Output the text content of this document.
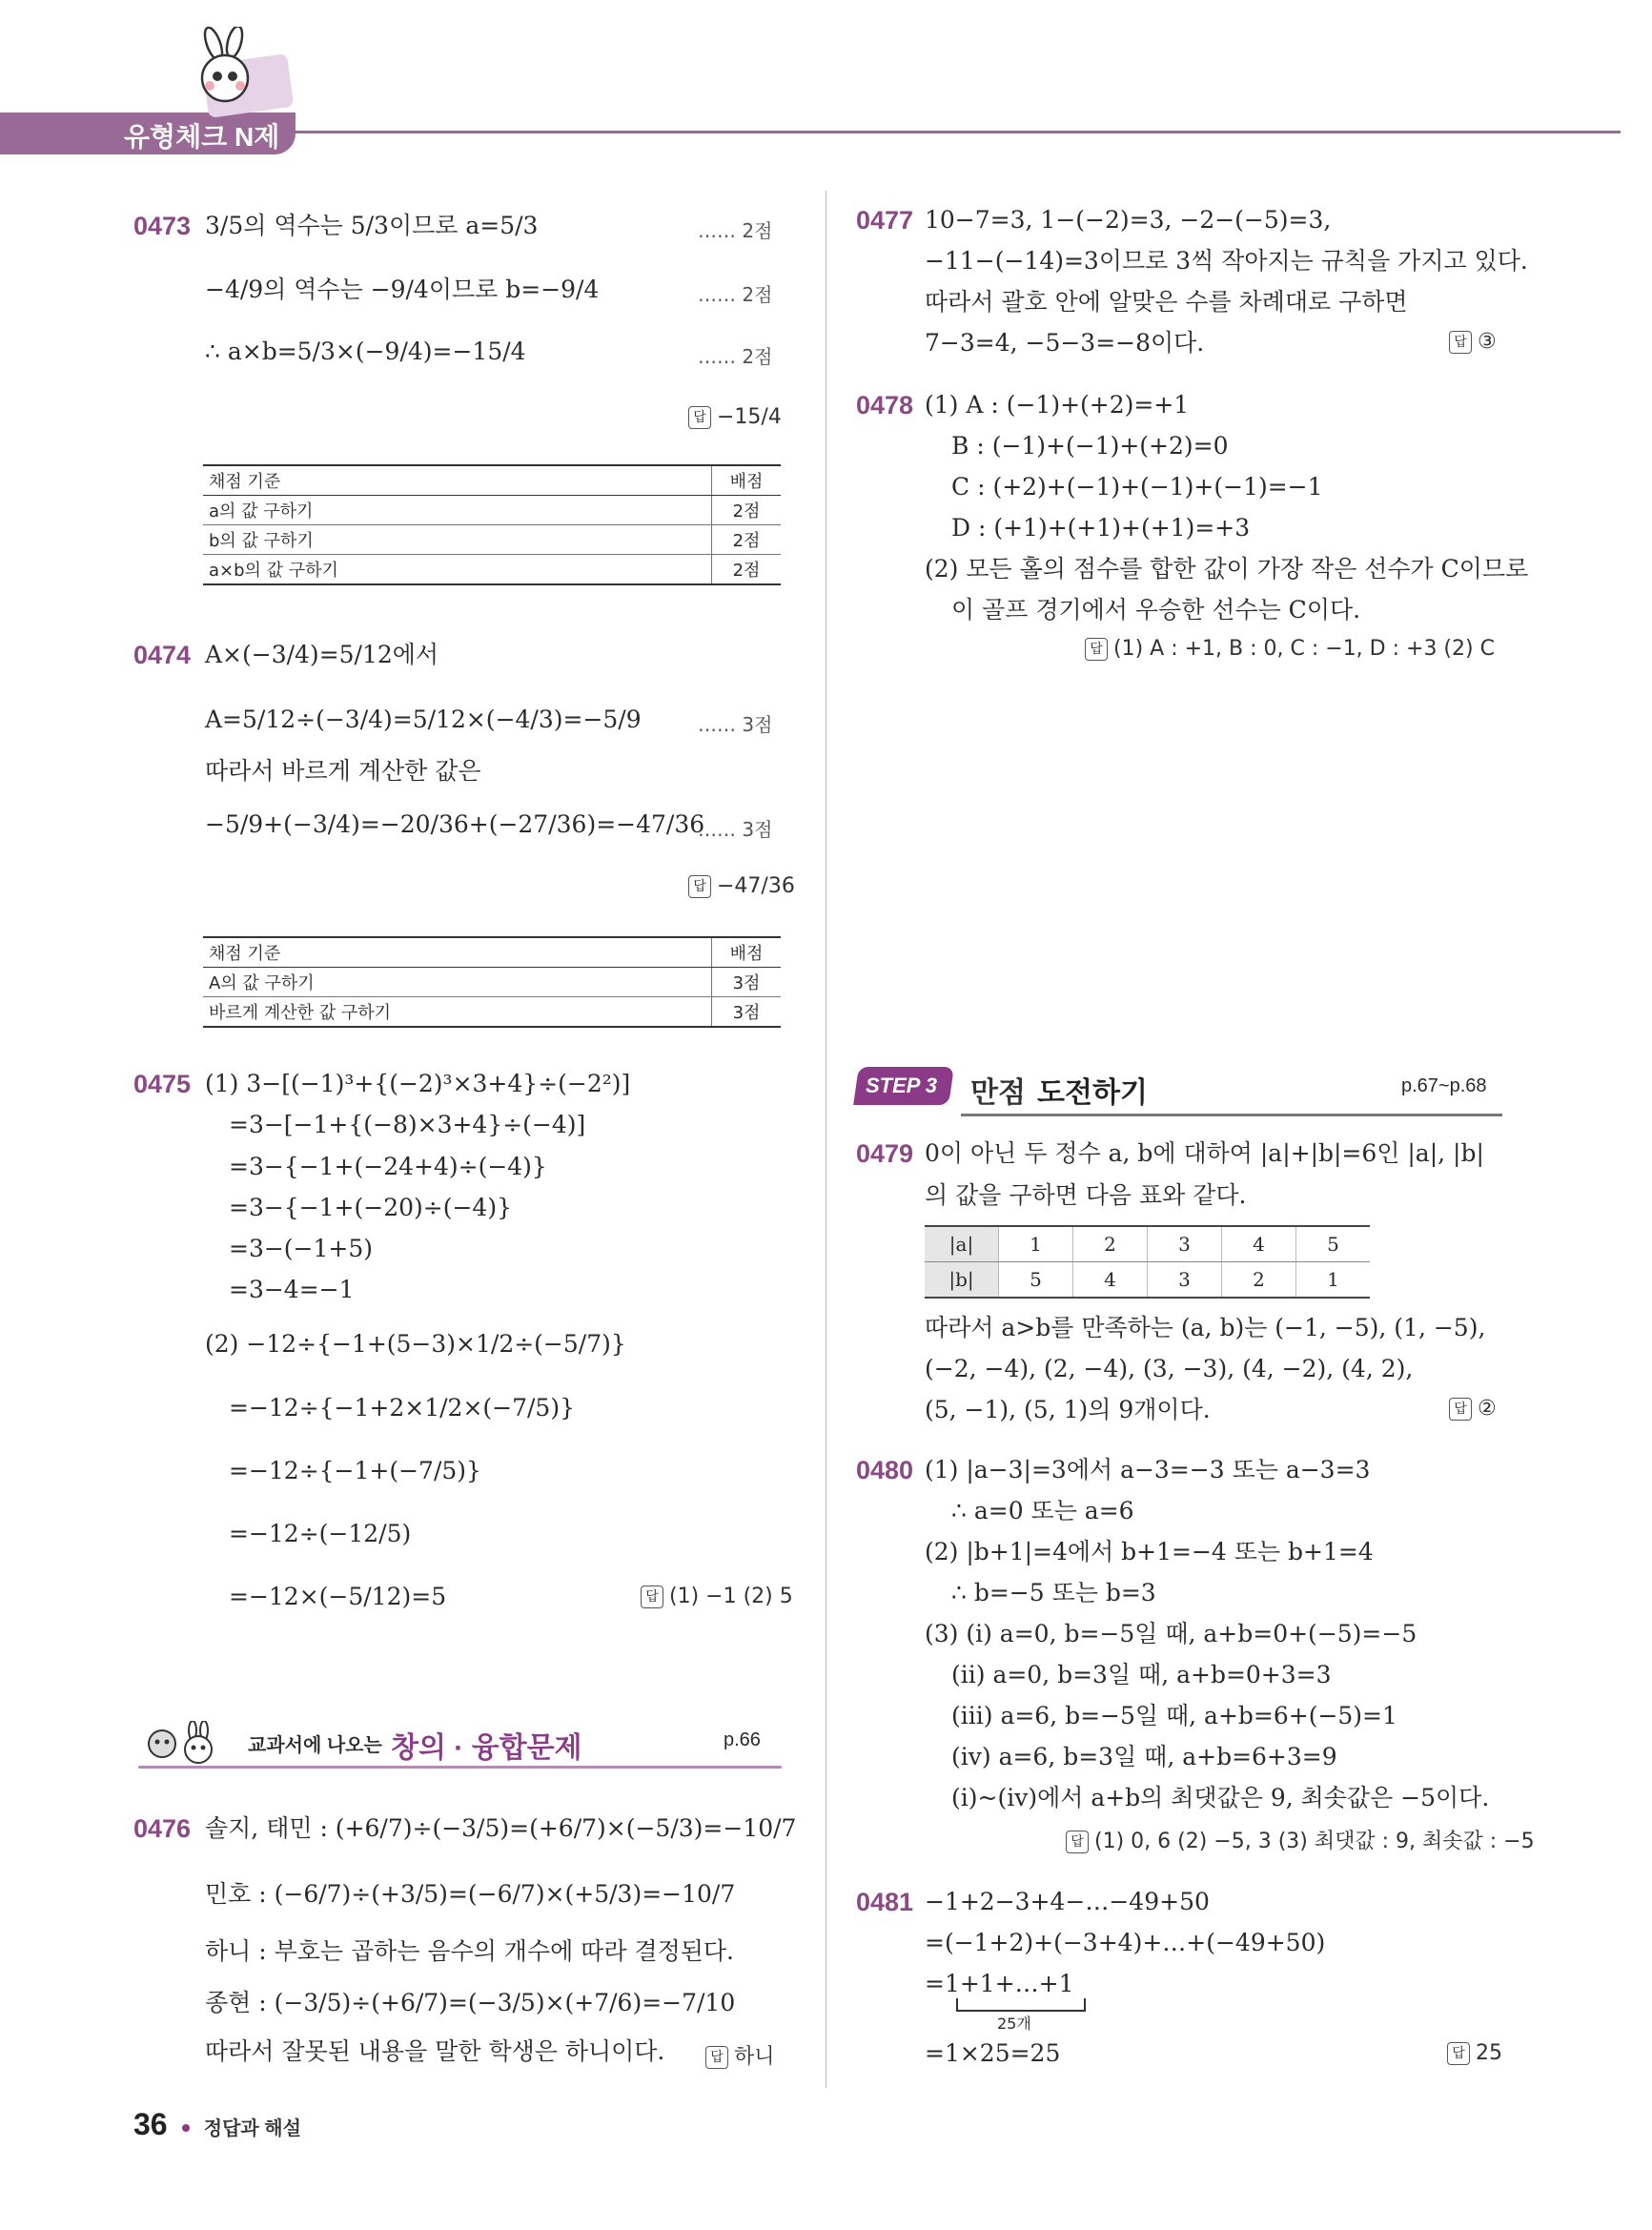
유형체크 N제
0473 3/5의 역수는 5/3이므로 a=5/3
−4/9의 역수는 −9/4이므로 b=−9/4
∴ a×b=5/3×(−9/4)=−15/4
…… 2점
…… 2점
…… 2점
답 −15/4
채점 기준	배점
a의 값 구하기	2점
b의 값 구하기	2점
a×b의 값 구하기	2점
0474 A×(−3/4)=5/12에서
A=5/12÷(−3/4)=5/12×(−4/3)=−5/9
따라서 바르게 계산한 값은
−5/9+(−3/4)=−20/36+(−27/36)=−47/36
…… 3점
…… 3점
답 −47/36
채점 기준	배점
A의 값 구하기	3점
바르게 계산한 값 구하기	3점
0475 (1) 3−[(−1)³+{(−2)³×3+4}÷(−2²)]
=3−[−1+{(−8)×3+4}÷(−4)]
=3−{−1+(−24+4)÷(−4)}
=3−{−1+(−20)÷(−4)}
=3−(−1+5)
=3−4=−1
(2) −12÷{−1+(5−3)×1/2÷(−5/7)}
=−12÷{−1+2×1/2×(−7/5)}
=−12÷{−1+(−7/5)}
=−12÷(−12/5)
=−12×(−5/12)=5	답 (1) −1 (2) 5
교과서에 나오는 창의 · 융합문제	p.66
0476 솔지, 태민 : (+6/7)÷(−3/5)=(+6/7)×(−5/3)=−10/7
민호 : (−6/7)÷(+3/5)=(−6/7)×(+5/3)=−10/7
하니 : 부호는 곱하는 음수의 개수에 따라 결정된다.
종현 : (−3/5)÷(+6/7)=(−3/5)×(+7/6)=−7/10
따라서 잘못된 내용을 말한 학생은 하니이다.	답 하니
0477 10−7=3, 1−(−2)=3, −2−(−5)=3,
−11−(−14)=3이므로 3씩 작아지는 규칙을 가지고 있다.
따라서 괄호 안에 알맞은 수를 차례대로 구하면
7−3=4, −5−3=−8이다.	답 ③
0478 (1) A : (−1)+(+2)=+1
B : (−1)+(−1)+(+2)=0
C : (+2)+(−1)+(−1)+(−1)=−1
D : (+1)+(+1)+(+1)=+3
(2) 모든 홀의 점수를 합한 값이 가장 작은 선수가 C이므로
이 골프 경기에서 우승한 선수는 C이다.
답 (1) A : +1, B : 0, C : −1, D : +3 (2) C
STEP 3 만점 도전하기	p.67~p.68
0479 0이 아닌 두 정수 a, b에 대하여 |a|+|b|=6인 |a|, |b|
의 값을 구하면 다음 표와 같다.
|a|	1	2	3	4	5
|b|	5	4	3	2	1
따라서 a>b를 만족하는 (a, b)는 (−1, −5), (1, −5),
(−2, −4), (2, −4), (3, −3), (4, −2), (4, 2),
(5, −1), (5, 1)의 9개이다.	답 ②
0480 (1) |a−3|=3에서 a−3=−3 또는 a−3=3
∴ a=0 또는 a=6
(2) |b+1|=4에서 b+1=−4 또는 b+1=4
∴ b=−5 또는 b=3
(3) (ⅰ) a=0, b=−5일 때, a+b=0+(−5)=−5
(ⅱ) a=0, b=3일 때, a+b=0+3=3
(ⅲ) a=6, b=−5일 때, a+b=6+(−5)=1
(ⅳ) a=6, b=3일 때, a+b=6+3=9
(ⅰ)~(ⅳ)에서 a+b의 최댓값은 9, 최솟값은 −5이다.
답 (1) 0, 6 (2) −5, 3 (3) 최댓값 : 9, 최솟값 : −5
0481 −1+2−3+4−…−49+50
=(−1+2)+(−3+4)+…+(−49+50)
=1+1+…+1
25개
=1×25=25	답 25
36 정답과 해설
